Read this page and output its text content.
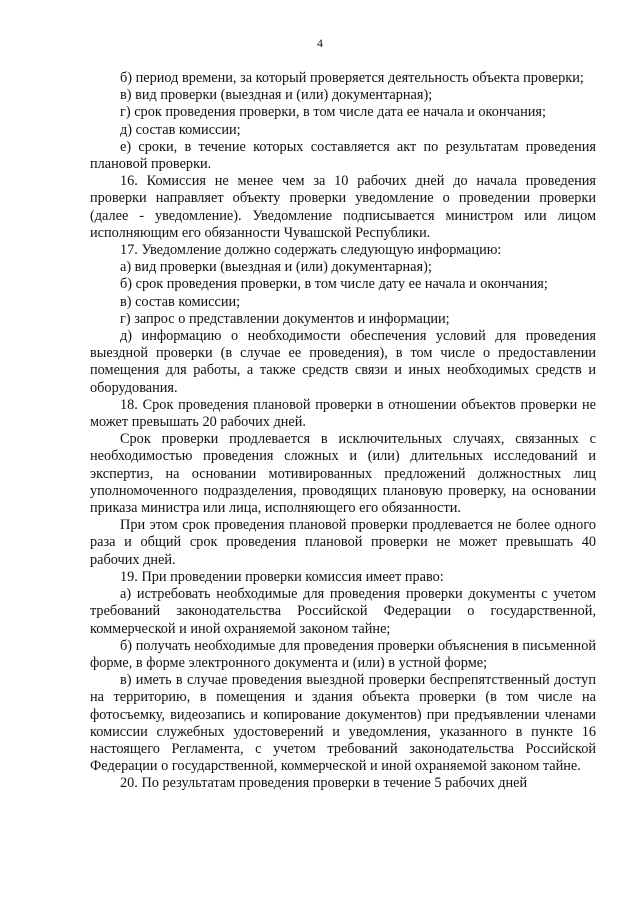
4

б) период времени, за который проверяется деятельность объекта проверки;

в) вид проверки (выездная и (или) документарная);

г) срок проведения проверки, в том числе дата ее начала и окончания;

д) состав комиссии;

е) сроки, в течение которых составляется акт по результатам проведения плановой проверки.

16. Комиссия не менее чем за 10 рабочих дней до начала проведения проверки направляет объекту проверки уведомление о проведении проверки (далее - уведомление). Уведомление подписывается министром или лицом исполняющим его обязанности Чувашской Республики.

17. Уведомление должно содержать следующую информацию:

а) вид проверки (выездная и (или) документарная);

б) срок проведения проверки, в том числе дату ее начала и окончания;

в) состав комиссии;

г) запрос о представлении документов и информации;

д) информацию о необходимости обеспечения условий для проведения выездной проверки (в случае ее проведения), в том числе о предоставлении помещения для работы, а также средств связи и иных необходимых средств и оборудования.

18. Срок проведения плановой проверки в отношении объектов проверки не может превышать 20 рабочих дней.

Срок проверки продлевается в исключительных случаях, связанных с необходимостью проведения сложных и (или) длительных исследований и экспертиз, на основании мотивированных предложений должностных лиц уполномоченного подразделения, проводящих плановую проверку, на основании приказа министра или лица, исполняющего его обязанности.

При этом срок проведения плановой проверки продлевается не более одного раза и общий срок проведения плановой проверки не может превышать 40 рабочих дней.

19. При проведении проверки комиссия имеет право:

а) истребовать необходимые для проведения проверки документы с учетом требований законодательства Российской Федерации о государственной, коммерческой и иной охраняемой законом тайне;

б) получать необходимые для проведения проверки объяснения в письменной форме, в форме электронного документа и (или) в устной форме;

в) иметь в случае проведения выездной проверки беспрепятственный доступ на территорию, в помещения и здания объекта проверки (в том числе на фотосъемку, видеозапись и копирование документов) при предъявлении членами комиссии служебных удостоверений и уведомления, указанного в пункте 16 настоящего Регламента, с учетом требований законодательства Российской Федерации о государственной, коммерческой и иной охраняемой законом тайне.

20. По результатам проведения проверки в течение 5 рабочих дней
